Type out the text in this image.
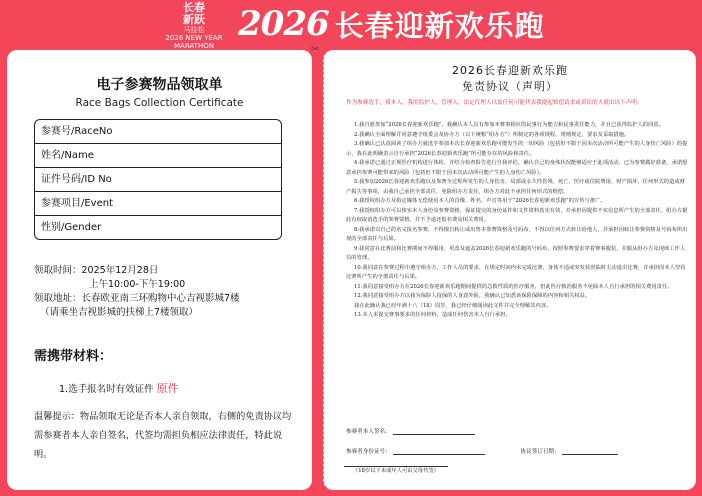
长春
新跃
马拉松
2026 NEW YEAR MARATHON
2026 长春迎新欢乐跑
✂
电子参赛物品领取单
Race Bags Collection Certificate
参赛号/RaceNo
姓名/Name
证件号码/ID No
参赛项目/Event
性别/Gender
领取时间：2025年12月28日
上午10:00-下午19:00
领取地址：长春欧亚南三环购物中心吉视影城7楼
（请乘坐吉视影城的扶梯上7楼领取）
需携带材料：
1.选手报名时有效证件 原件
温馨提示：物品领取无论是否本人亲自领取，右侧的免责协议均需参赛者本人亲自签名，代签均需担负相应法律责任，特此说明。
2026长春迎新欢乐跑
免责协议（声明）
作为参赛选手，我本人，我的监护人，管理人，法定代理人以及任何可能代表我提起赔偿请求或诉讼的人就出以下声明：

1.我自愿参加“2026长春迎新欢乐跑”，我确认本人具有参加本赛事相应的民事行为能力和民事责任能力，并且已获得监护人的同意。

2.我确认全面理解并同意遵守组委会及协办方（以下统称“组办方”）所制定的各项规程、规则规定、要求及采取措施。

3.我确认已认真阅读了组办方就选手参加本次长春迎新欢乐跑可能发生的一切风险（包括但不限于因本次活动所可能产生的人身伤亡风险）的提示，我在此明确表示自行承担“2026长春迎新欢乐跑”所可能存在的风险和责任。

4.我承诺已通过正规医疗机构进行体检，并结合检查报告进行自我评估，确认自己的身体状况能够适应于此项活动，已为参赛做好准备，承诺愿意承担参赛可能带来的风险（包括但不限于因本次活动所可能产生的人身伤亡风险）。

5.我参加2026长春迎新欢乐跑以及参赛全过程所发生的人身伤害，局部或永久性伤残、死亡、医疗或住院费用、财产损坏，任何形式的造成财产损失等事项，由我自己承担全部责任，免除组办方责任，组办方对此不承担任何形式的赔偿。

6.我授权组办方及指定媒体无偿使用本人的肖像、姓名、声音等用于“2026长春迎新欢乐跑”的宣传与推广。

7.我授权组办方可以核实本人身份及参赛资格，保证提交的身份证件和文件资料真实有效，并承担因提供不实信息所产生的全部责任，组办方据此有权取消选手的参赛资格，并不予退还报名费及相关费用。

8.我承诺以自己的名义报名参赛，不得擅自转让或出售本参赛资格及号码布，不得以任何方式转让给他人，并承担因转让参赛资格及号码布所出现的全部责任与后果。

9.我同意在比赛前和比赛期间不得服用、更改及遮盖2026长春迎新欢乐跑的号码布，按照参赛要求穿着赛事服装，并服从组办方及现场工作人员的管理。

10.我同意在参赛过程中遵守组办方、工作人员的要求，在规定时间内未完成比赛，身体不适或突发状况临时主动退出比赛，并承担因本人坚持比赛所产生的全部责任与后果。

11.我同意接受组办方在2026长春迎新欢乐跑期间提供的急救性质的医疗服务，但此医疗救治服务不免除本人自行承担的相关费用责任。

12.我同意接受组办方以我为保险人投保的人身意外险，我确认已知悉该保险保障的内容和相关权益。

我在此确认我已经年满十八（18）周岁，我已经仔细阅读此文件并完全理解其内容。

13.本人未提交赛事要求的任何材料，造成任何伤害本人自行承担。

参赛者本人签名：
参赛者身份证号：	协议签订日期：
（18岁以下未成年人可由父母代签）
